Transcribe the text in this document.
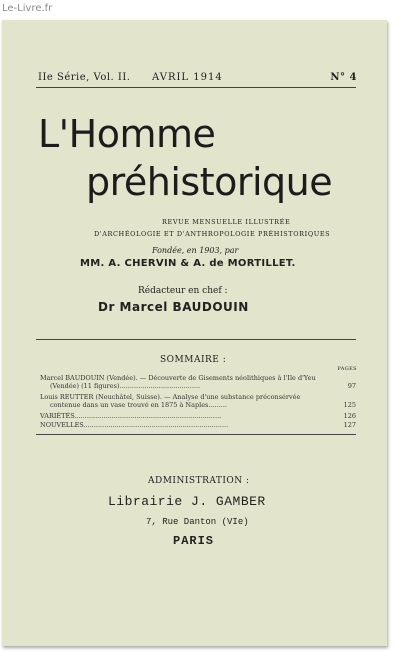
Le-Livre.fr
IIe Série, Vol. II. AVRIL 1914	N° 4
L'Homme
préhistorique
REVUE MENSUELLE ILLUSTRÉE
D'ARCHÉOLOGIE ET D'ANTHROPOLOGIE PRÉHISTORIQUES
Fondée, en 1903, par
MM. A. CHERVIN & A. de MORTILLET.
Rédacteur en chef :
Dr Marcel BAUDOUIN
SOMMAIRE :
PAGES
Marcel BAUDOUIN (Vendée). — Découverte de Gisements néolithiques à l'Ile d'Yeu
(Vendée) (11 figures).......................................	97
Louis REUTTER (Neuchâtel, Suisse). — Analyse d'une substance préconsérvée
contenue dans un vase trouvé en 1875 à Naples.........	125
VARIÉTÉS.......................................................................	126
NOUVELLES......................................................................	127
ADMINISTRATION :
Librairie J. GAMBER
7, Rue Danton (VIe)
PARIS
